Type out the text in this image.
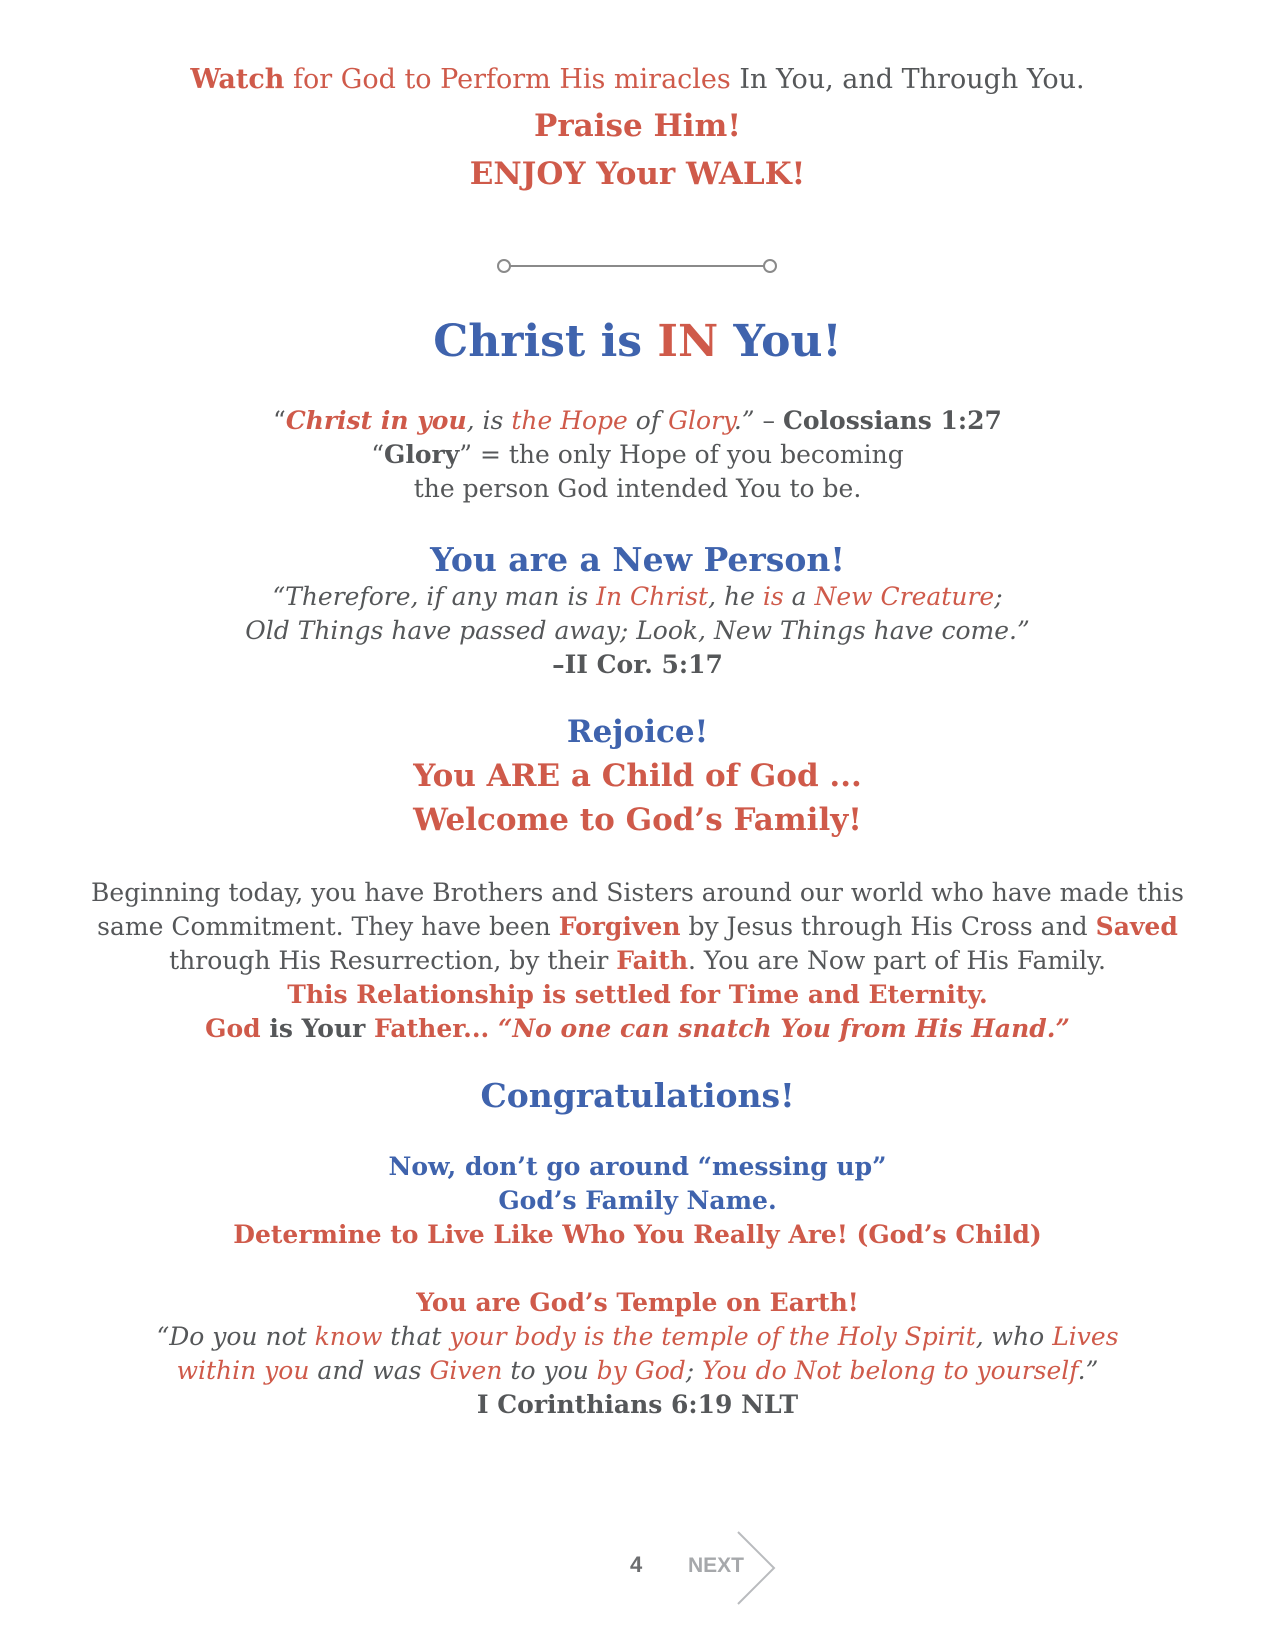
Watch for God to Perform His miracles In You, and Through You.
Praise Him!
ENJOY Your WALK!
Christ is IN You!
“Christ in you, is the Hope of Glory.” – Colossians 1:27
“Glory” = the only Hope of you becoming
the person God intended You to be.
You are a New Person!
“Therefore, if any man is In Christ, he is a New Creature;
Old Things have passed away; Look, New Things have come.”
–II Cor. 5:17
Rejoice!
You ARE a Child of God ...
Welcome to God’s Family!
Beginning today, you have Brothers and Sisters around our world who have made this
same Commitment. They have been Forgiven by Jesus through His Cross and Saved
through His Resurrection, by their Faith. You are Now part of His Family.
This Relationship is settled for Time and Eternity.
God is Your Father... “No one can snatch You from His Hand.”
Congratulations!
Now, don’t go around “messing up”
God’s Family Name.
Determine to Live Like Who You Really Are! (God’s Child)
You are God’s Temple on Earth!
“Do you not know that your body is the temple of the Holy Spirit, who Lives
within you and was Given to you by God; You do Not belong to yourself.”
I Corinthians 6:19 NLT
4 NEXT
